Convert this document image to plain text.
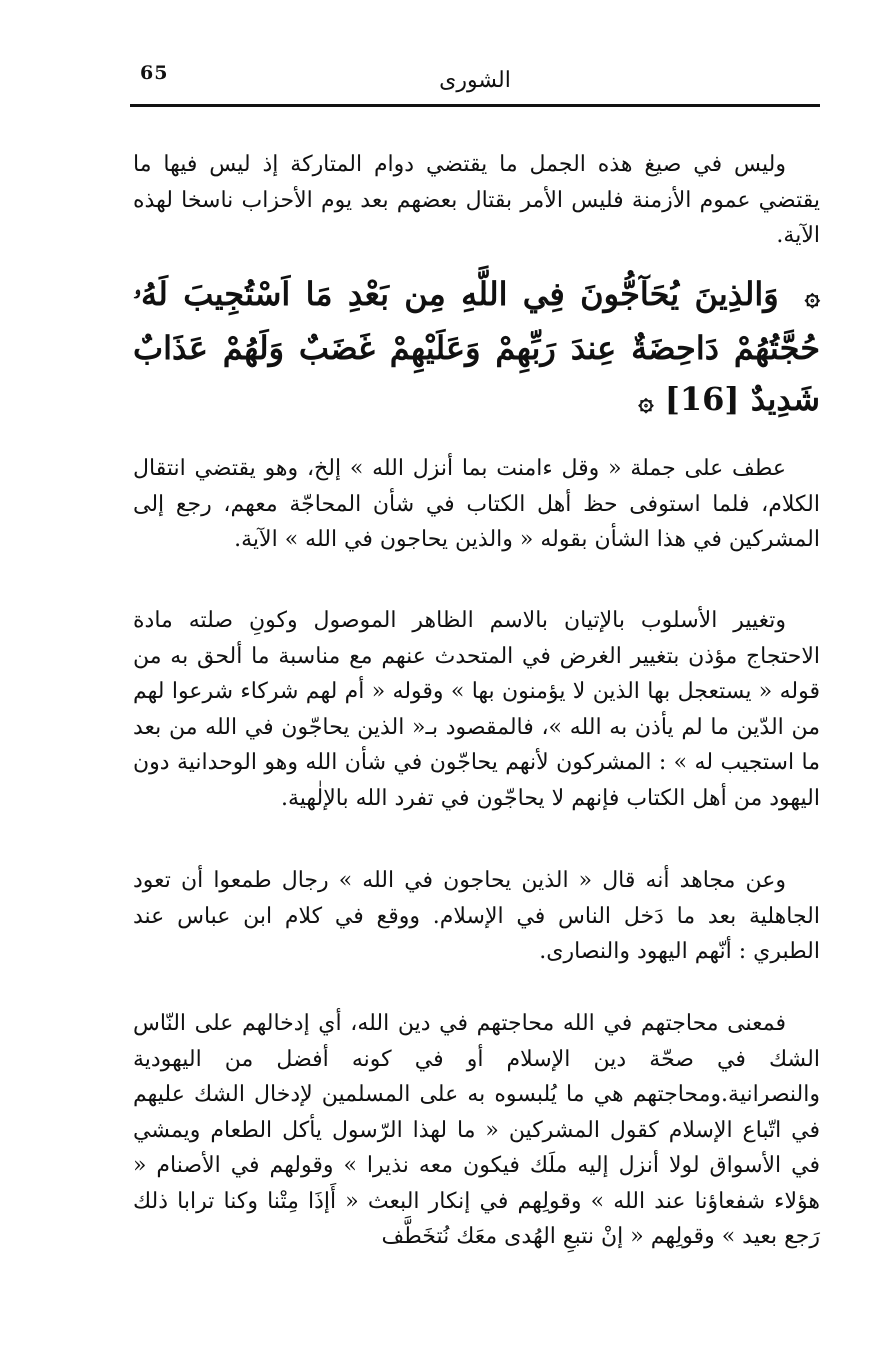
65	الشورى

وليس في صيغ هذه الجمل ما يقتضي دوام المتاركة إذ ليس فيها ما يقتضي عموم الأزمنة فليس الأمر بقتال بعضهم بعد يوم الأحزاب ناسخا لهذه الآية.

۞ وَالذِينَ يُحَآجُّونَ فِي اللَّهِ مِن بَعْدِ مَا اَسْتُجِيبَ لَهُۥ حُجَّتُهُمْ دَاحِضَةٌ عِندَ رَبِّهِمْ وَعَلَيْهِمْ غَضَبٌ وَلَهُمْ عَذَابٌ شَدِيدٌ [16] ۞

عطف على جملة « وقل ءامنت بما أنزل الله » إلخ، وهو يقتضي انتقال الكلام، فلما استوفى حظ أهل الكتاب في شأن المحاجّة معهم، رجع إلى المشركين في هذا الشأن بقوله « والذين يحاجون في الله » الآية.

وتغيير الأسلوب بالإتيان بالاسم الظاهر الموصول وكونِ صلته مادة الاحتجاج مؤذن بتغيير الغرض في المتحدث عنهم مع مناسبة ما ألحق به من قوله « يستعجل بها الذين لا يؤمنون بها » وقوله « أم لهم شركاء شرعوا لهم من الدّين ما لم يأذن به الله »، فالمقصود بـ« الذين يحاجّون في الله من بعد ما استجيب له » : المشركون لأنهم يحاجّون في شأن الله وهو الوحدانية دون اليهود من أهل الكتاب فإنهم لا يحاجّون في تفرد الله بالإلٰهية.

وعن مجاهد أنه قال « الذين يحاجون في الله » رجال طمعوا أن تعود الجاهلية بعد ما دَخل الناس في الإسلام. ووقع في كلام ابن عباس عند الطبري : أنّهم اليهود والنصارى.

فمعنى محاجتهم في الله محاجتهم في دين الله، أي إدخالهم على النّاس الشك في صحّة دين الإسلام أو في كونه أفضل من اليهودية والنصرانية.ومحاجتهم هي ما يُلبسوه به على المسلمين لإدخال الشك عليهم في اتّباع الإسلام كقول المشركين « ما لهذا الرّسول يأكل الطعام ويمشي في الأسواق لولا أنزل إليه ملَك فيكون معه نذيرا » وقولهم في الأصنام « هؤلاء شفعاؤنا عند الله » وقولِهم في إنكار البعث « أَإذَا مِتْنا وكنا ترابا ذلك رَجع بعيد » وقولِهم « إنْ نتبعِ الهُدى معَك نُتخَطَّف
